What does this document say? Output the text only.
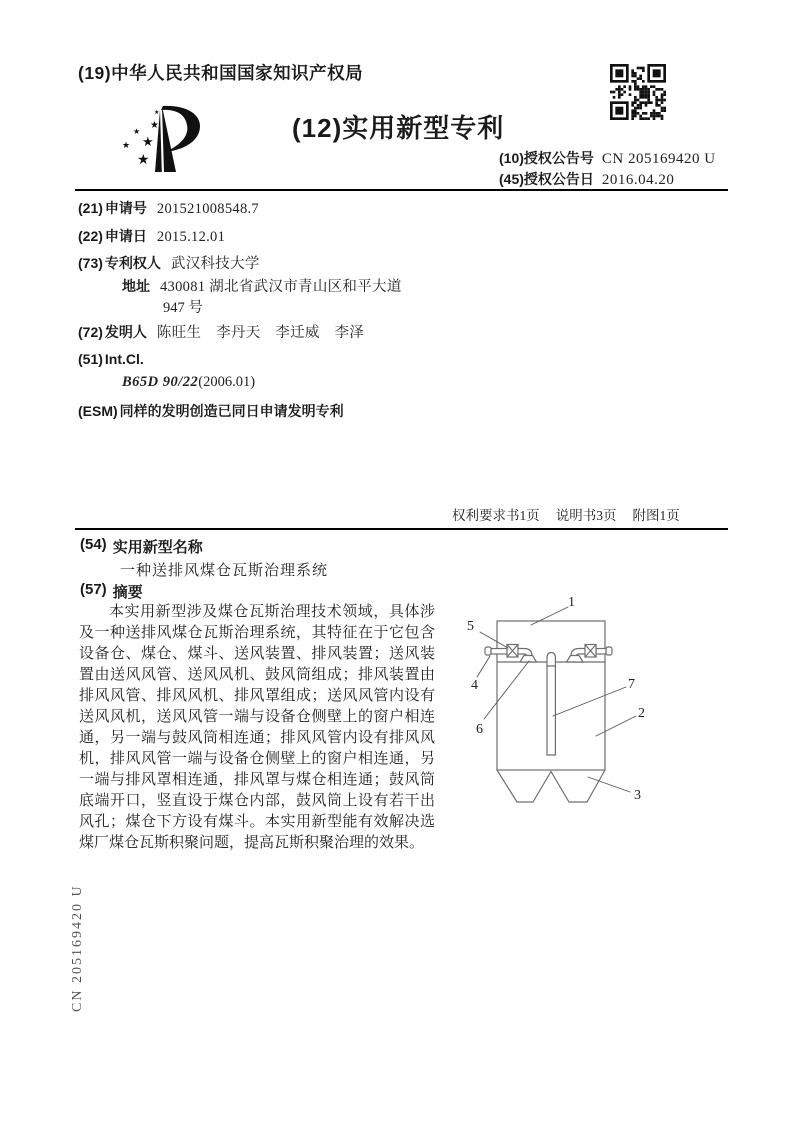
(19)中华人民共和国国家知识产权局
★
★
★
★
★
★	(12)实用新型专利
(10)授权公告号 CN 205169420 U
(45)授权公告日 2016.04.20
(21) 申请号 201521008548.7
(22) 申请日 2015.12.01
(73) 专利权人 武汉科技大学
地址 430081 湖北省武汉市青山区和平大道
947 号
(72) 发明人 陈旺生　李丹天　李迁威　李泽
(51) Int.Cl.
B65D 90/22 (2006.01)
(ESM) 同样的发明创造已同日申请发明专利
权利要求书1页 说明书3页 附图1页
(54) 实用新型名称
一种送排风煤仓瓦斯治理系统
(57) 摘要
本实用新型涉及煤仓瓦斯治理技术领域，具体涉及一种送排风煤仓瓦斯治理系统，其特征在于它包含设备仓、煤仓、煤斗、送风装置、排风装置；送风装置由送风风管、送风风机、鼓风筒组成；排风装置由排风风管、排风风机、排风罩组成；送风风管内设有送风风机，送风风管一端与设备仓侧壁上的窗户相连通，另一端与鼓风筒相连通；排风风管内设有排风风机，排风风管一端与设备仓侧壁上的窗户相连通，另一端与排风罩相连通，排风罩与煤仓相连通；鼓风筒底端开口，竖直设于煤仓内部，鼓风筒上设有若干出风孔；煤仓下方设有煤斗。本实用新型能有效解决选煤厂煤仓瓦斯积聚问题，提高瓦斯积聚治理的效果。
1
5
4
6
7
2
3
CN 205169420 U
